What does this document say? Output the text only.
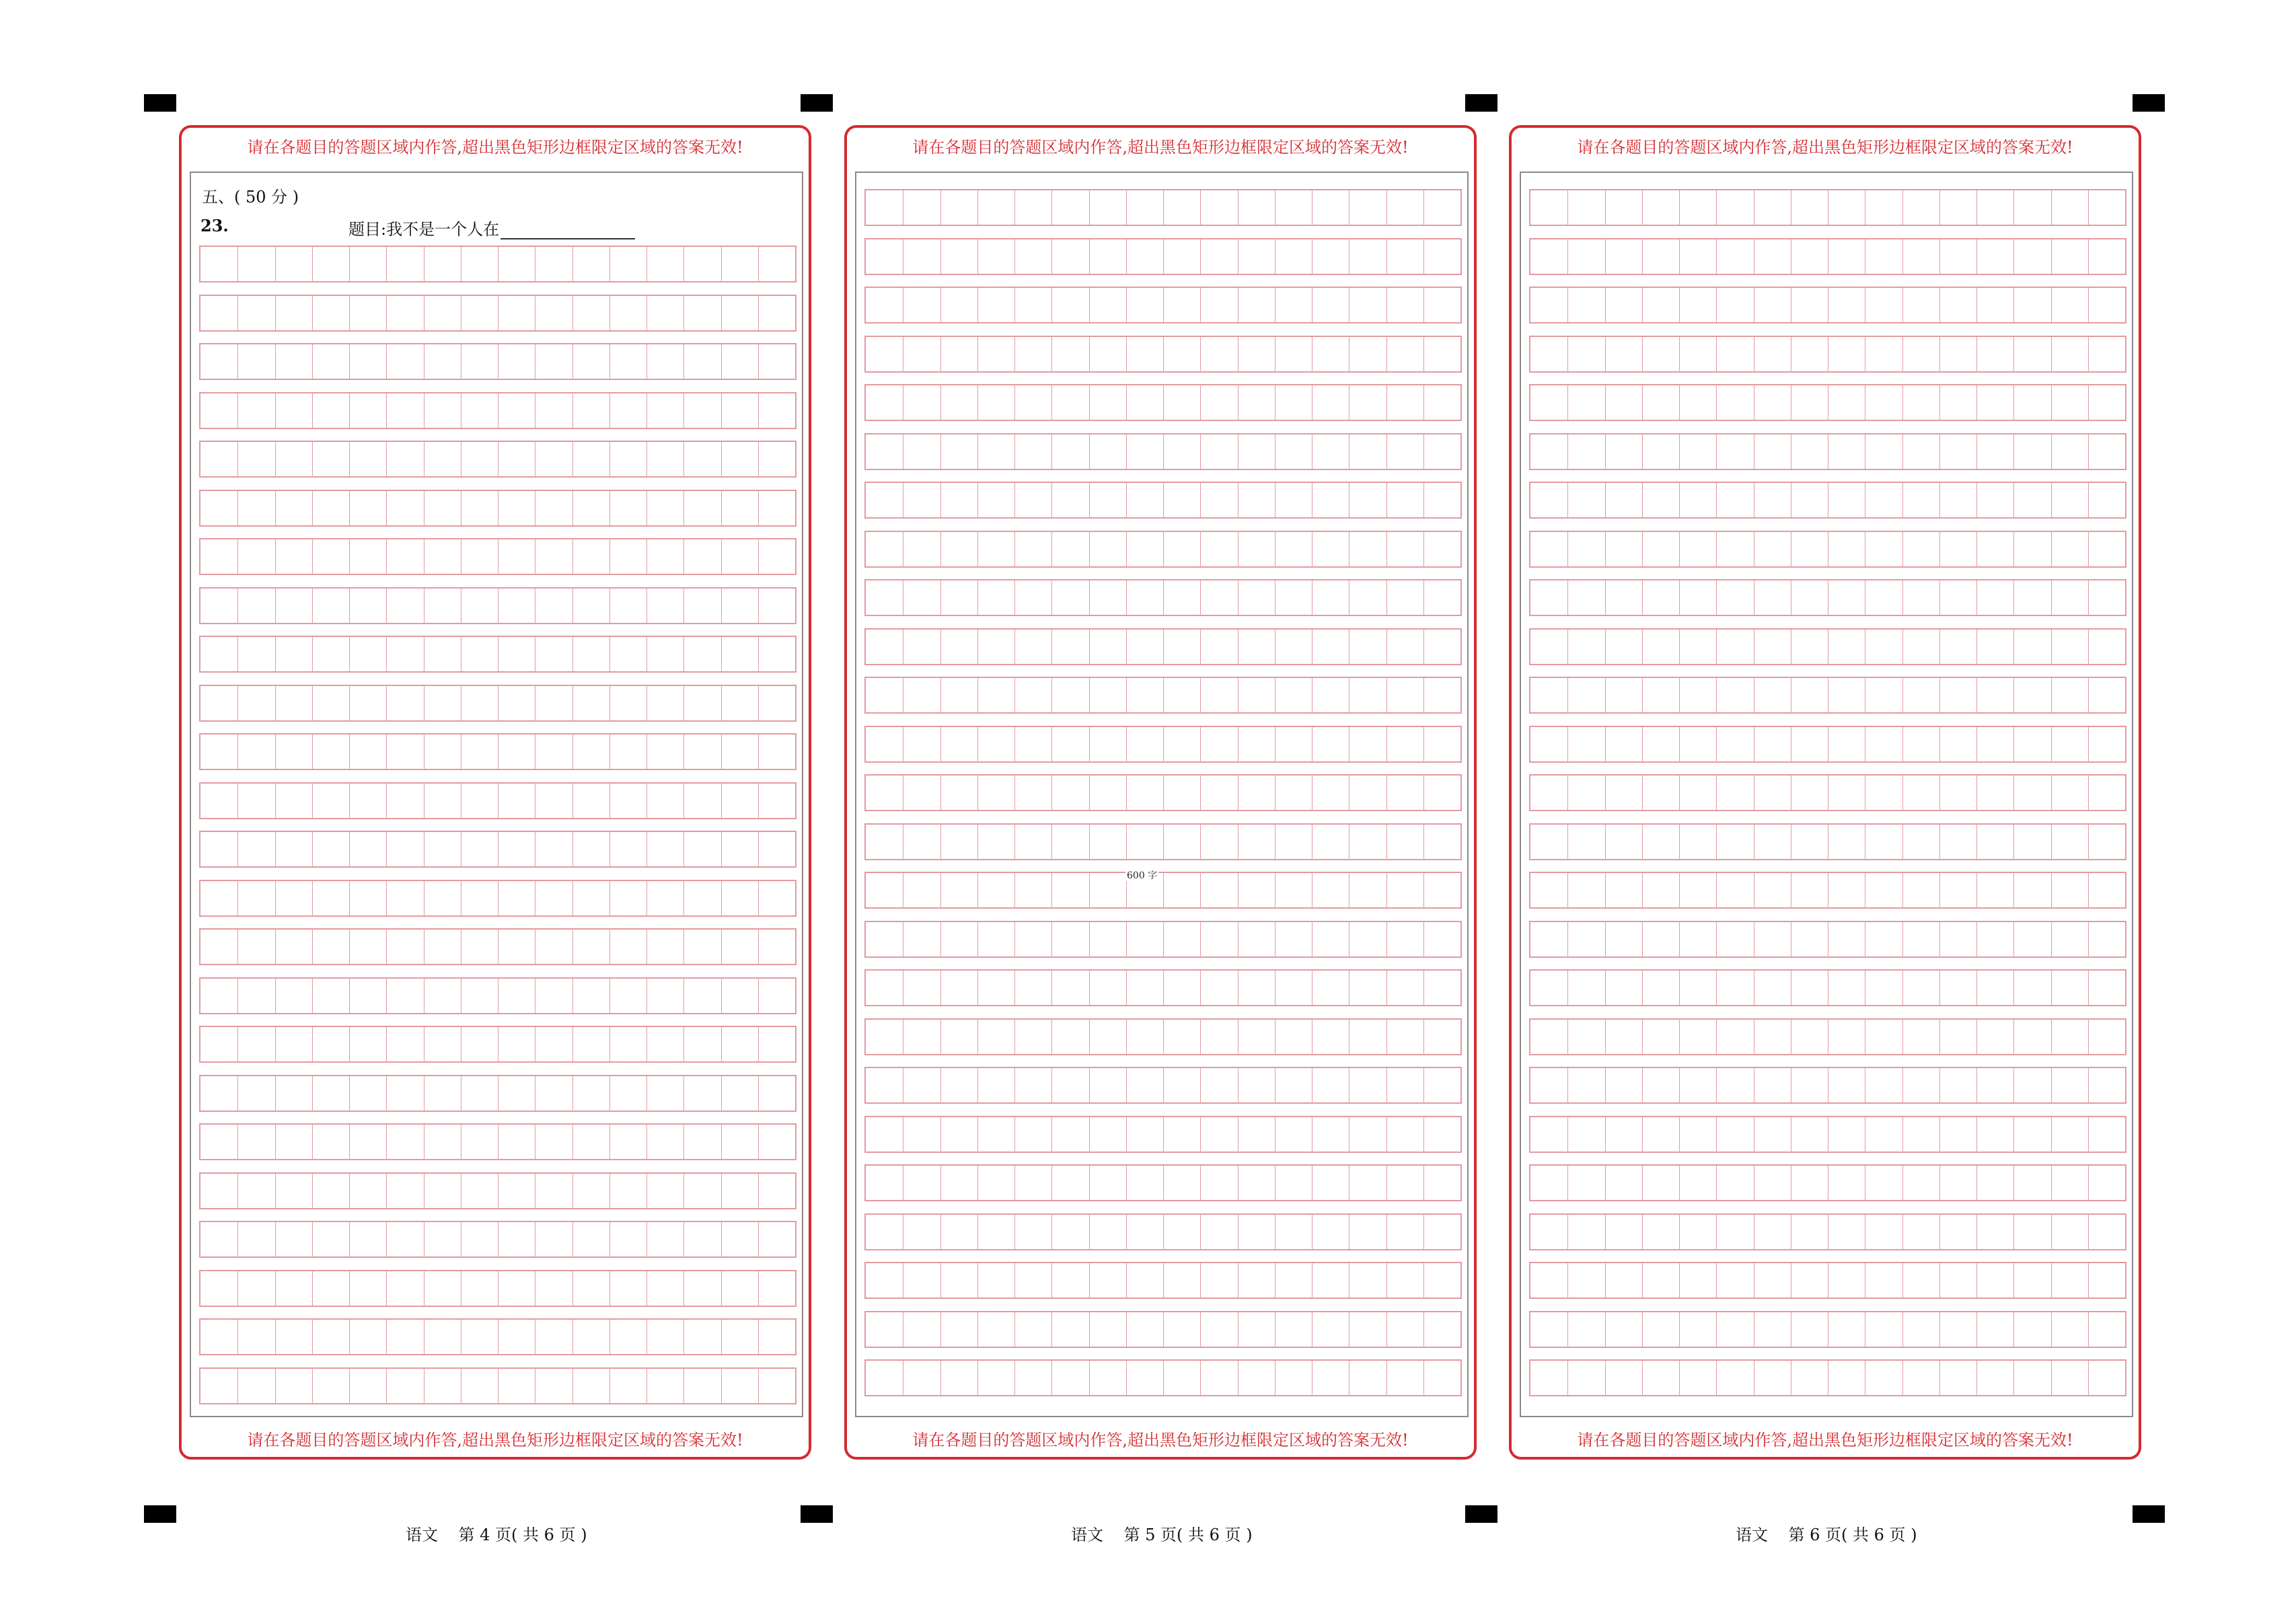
请在各题目的答题区域内作答,超出黑色矩形边框限定区域的答案无效!
五、( 50 分 )
23.	题目:我不是一个人在
请在各题目的答题区域内作答,超出黑色矩形边框限定区域的答案无效!
请在各题目的答题区域内作答,超出黑色矩形边框限定区域的答案无效!
600 字
请在各题目的答题区域内作答,超出黑色矩形边框限定区域的答案无效!
请在各题目的答题区域内作答,超出黑色矩形边框限定区域的答案无效!
请在各题目的答题区域内作答,超出黑色矩形边框限定区域的答案无效!
语文    第 4 页( 共 6 页 )	语文    第 5 页( 共 6 页 )	语文    第 6 页( 共 6 页 )
